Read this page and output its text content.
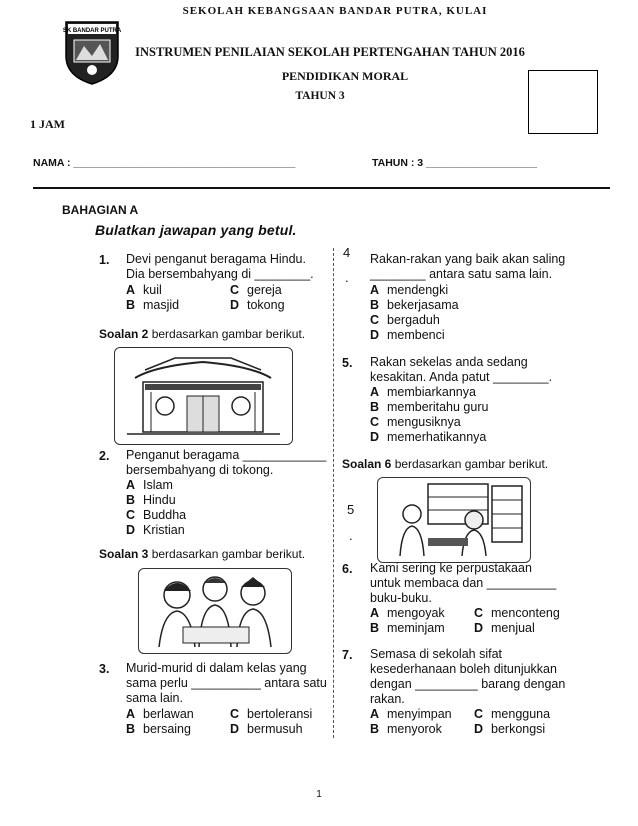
SK BANDAR PUTRA
SEKOLAH KEBANGSAAN BANDAR PUTRA, KULAI
INSTRUMEN PENILAIAN SEKOLAH PERTENGAHAN TAHUN 2016
PENDIDIKAN MORAL
TAHUN 3
1 JAM
NAMA : ______________________________________	TAHUN : 3 ___________________
BAHAGIAN A
Bulatkan jawapan yang betul.
1. Devi penganut beragama Hindu.
Dia bersembahyang di ________.
A kuil	C gereja
B masjid	D tokong
Soalan 2 berdasarkan gambar berikut.
2. Penganut beragama ____________
bersembahyang di tokong.
A Islam
B Hindu
C Buddha
D Kristian
Soalan 3 berdasarkan gambar berikut.
3. Murid-murid di dalam kelas yang
sama perlu __________ antara satu
sama lain.
A berlawan	C bertoleransi
B bersaing	D bermusuh
4
.
Rakan-rakan yang baik akan saling
________ antara satu sama lain.
A mendengki
B bekerjasama
C bergaduh
D membenci
5. Rakan sekelas anda sedang
kesakitan. Anda patut ________.
A membiarkannya
B memberitahu guru
C mengusiknya
D memerhatikannya
Soalan 6 berdasarkan gambar berikut.
5
.
6. Kami sering ke perpustakaan
untuk membaca dan __________
buku-buku.
A mengoyak C menconteng
B meminjam D menjual
7. Semasa di sekolah sifat
kesederhanaan boleh ditunjukkan
dengan _________ barang dengan
rakan.
A menyimpan C mengguna
B menyorok	D berkongsi
1
